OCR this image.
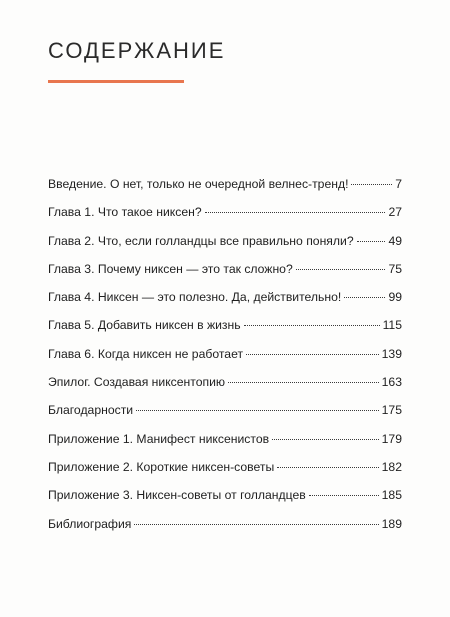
СОДЕРЖАНИЕ
Введение. О нет, только не очередной велнес-тренд!	7
Глава 1. Что такое никсен?	27
Глава 2. Что, если голландцы все правильно поняли?	49
Глава 3. Почему никсен — это так сложно?	75
Глава 4. Никсен — это полезно. Да, действительно!	99
Глава 5. Добавить никсен в жизнь	115
Глава 6. Когда никсен не работает	139
Эпилог. Создавая никсентопию	163
Благодарности	175
Приложение 1. Манифест никсенистов	179
Приложение 2. Короткие никсен-советы	182
Приложение 3. Никсен-советы от голландцев	185
Библиография	189
